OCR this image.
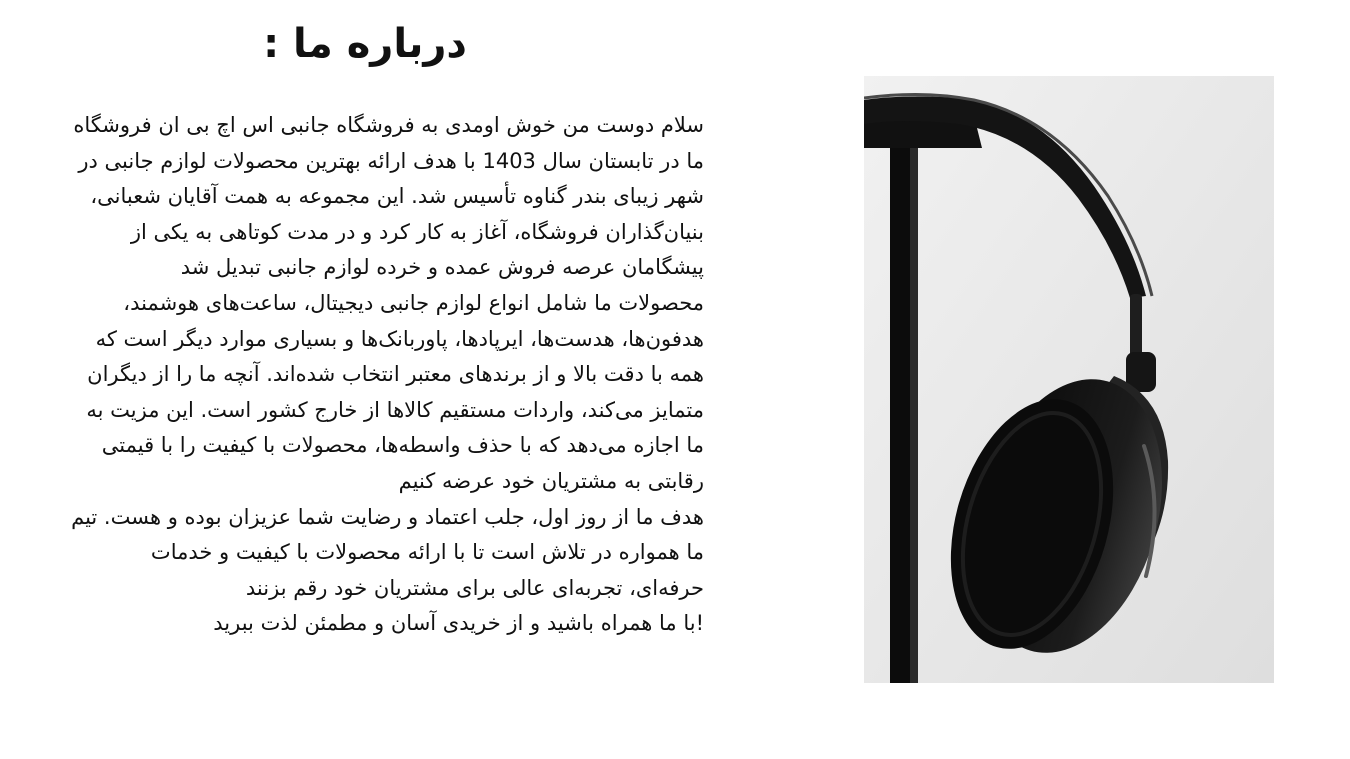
درباره ما :

سلام دوست من خوش اومدی به فروشگاه جانبی اس اچ بی ان فروشگاه ما در تابستان سال 1403 با هدف ارائه بهترین محصولات لوازم جانبی در شهر زیبای بندر گناوه تأسیس شد. این مجموعه به همت آقایان شعبانی، بنیان‌گذاران فروشگاه، آغاز به کار کرد و در مدت کوتاهی به یکی از پیشگامان عرصه فروش عمده و خرده لوازم جانبی تبدیل شد

محصولات ما شامل انواع لوازم جانبی دیجیتال، ساعت‌های هوشمند، هدفون‌ها، هدست‌ها، ایرپادها، پاوربانک‌ها و بسیاری موارد دیگر است که همه با دقت بالا و از برندهای معتبر انتخاب شده‌اند. آنچه ما را از دیگران متمایز می‌کند، واردات مستقیم کالاها از خارج کشور است. این مزیت به ما اجازه می‌دهد که با حذف واسطه‌ها، محصولات با کیفیت را با قیمتی رقابتی به مشتریان خود عرضه کنیم

هدف ما از روز اول، جلب اعتماد و رضایت شما عزیزان بوده و هست. تیم ما همواره در تلاش است تا با ارائه محصولات با کیفیت و خدمات حرفه‌ای، تجربه‌ای عالی برای مشتریان خود رقم بزنند

!با ما همراه باشید و از خریدی آسان و مطمئن لذت ببرید
